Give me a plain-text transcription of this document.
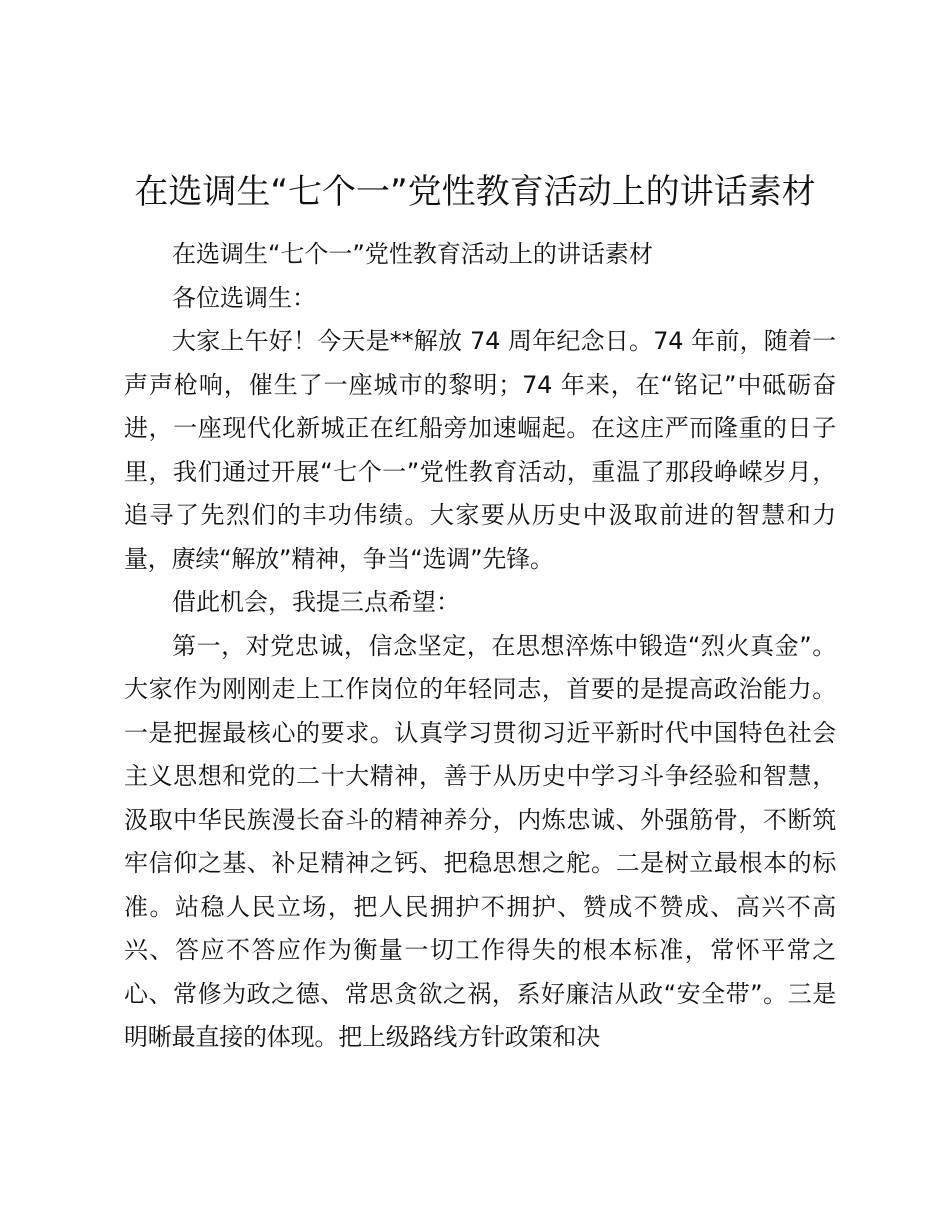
在选调生“七个一”党性教育活动上的讲话素材

在选调生“七个一”党性教育活动上的讲话素材

各位选调生：

大家上午好！今天是**解放 74 周年纪念日。74 年前，随着一声声枪响，催生了一座城市的黎明；74 年来，在“铭记”中砥砺奋进，一座现代化新城正在红船旁加速崛起。在这庄严而隆重的日子里，我们通过开展“七个一”党性教育活动，重温了那段峥嵘岁月，追寻了先烈们的丰功伟绩。大家要从历史中汲取前进的智慧和力量，赓续“解放”精神，争当“选调”先锋。

借此机会，我提三点希望：

第一，对党忠诚，信念坚定，在思想淬炼中锻造“烈火真金”。大家作为刚刚走上工作岗位的年轻同志，首要的是提高政治能力。一是把握最核心的要求。认真学习贯彻习近平新时代中国特色社会主义思想和党的二十大精神，善于从历史中学习斗争经验和智慧，汲取中华民族漫长奋斗的精神养分，内炼忠诚、外强筋骨，不断筑牢信仰之基、补足精神之钙、把稳思想之舵。二是树立最根本的标准。站稳人民立场，把人民拥护不拥护、赞成不赞成、高兴不高兴、答应不答应作为衡量一切工作得失的根本标准，常怀平常之心、常修为政之德、常思贪欲之祸，系好廉洁从政“安全带”。三是明晰最直接的体现。把上级路线方针政策和决
